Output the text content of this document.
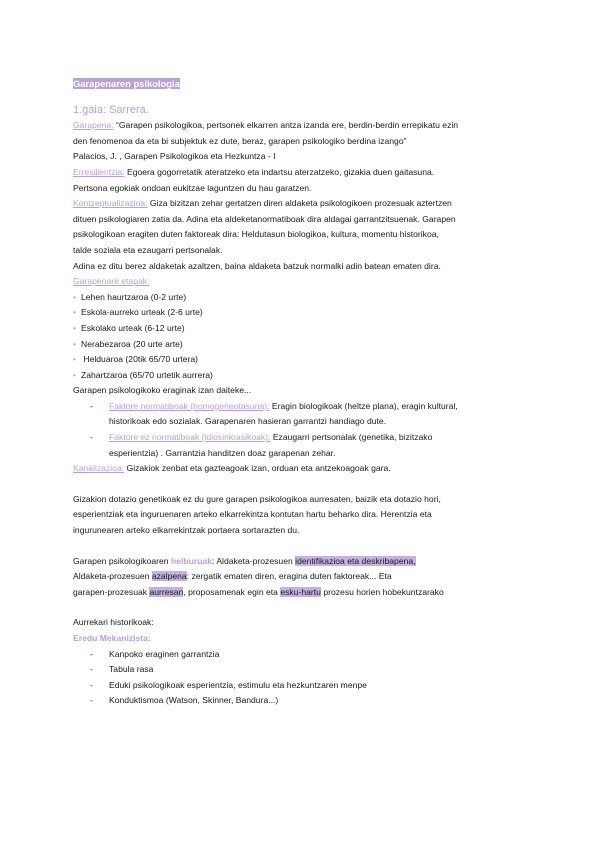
Garapenaren psikologia
1.gaia: Sarrera.
Garapena: “Garapen psikologikoa, pertsonek elkarren antza izanda ere, berdin-berdin errepikatu ezin
den fenomenoa da eta bi subjektuk ez dute, beraz, garapen psikologiko berdina izango”
Palacios, J. , Garapen Psikologikoa eta Hezkuntza - I
Erresilientzia: Egoera gogorretatik ateratzeko eta indartsu aterzatzeko, gizakia duen gaitasuna.
Pertsona egokiak ondoan eukitzae laguntzen du hau garatzen.
Kontzeptualizazioa: Giza bizitzan zehar gertatzen diren aldaketa psikologikoen prozesuak aztertzen
dituen psikologiaren zatia da. Adina eta aldeketanormatiboak dira aldagai garrantzitsuenak. Garapen
psikologikoan eragiten duten faktoreak dira: Heldutasun biologikoa, kultura, momentu historikoa,
talde soziala eta ezaugarri pertsonalak.
Adina ez ditu berez aldaketak azaltzen, baina aldaketa batzuk normalki adin batean ematen dira.
Garapenare etapak:
• Lehen haurtzaroa (0-2 urte)
• Eskola-aurreko urteak (2-6 urte)
• Eskolako urteak (6-12 urte)
• Nerabezaroa (20 urte arte)
• Helduaroa (20tik 65/70 urtera)
• Zahartzaroa (65/70 urtetik aurrera)
Garapen psikologikoko eraginak izan daiteke...
- Faktore normatiboak (homogeneotasuna): Eragin biologikoak (heltze plana), eragin kultural,
historikoak edo sozialak. Garapenaren hasieran garrantzi handiago dute.
- Faktore ez normatiboak (idiosinkrasikoak): Ezaugarri pertsonalak (genetika, bizitzako
esperientzia) . Garrantzia handitzen doaz garapenan zehar.
Kanalizazioa: Gizakiok zenbat eta gazteagoak izan, orduan eta antzekoagoak gara.
Gizakion dotazio genetikoak ez du gure garapen psikologikoa aurresaten, baizik eta dotazio hori,
esperientziak eta inguruenaren arteko elkarrekintza kontutan hartu beharko dira. Herentzia eta
ingurunearen arteko elkarrekintzak portaera sortarazten du.
Garapen psikologikoaren helburuak: Aldaketa-prozesuen identifikazioa eta deskribapena,
Aldaketa-prozesuen azalpena: zergatik ematen diren, eragina duten faktoreak... Eta
garapen-prozesuak aurresan, proposamenak egin eta esku-hartu prozesu horien hobekuntzarako
Aurrekari historikoak:
Eredu Mekanizista:
- Kanpoko eraginen garrantzia
- Tabula rasa
- Eduki psikologikoak esperientzia, estimulu eta hezkuntzaren menpe
- Konduktismoa (Watson, Skinner, Bandura...)
